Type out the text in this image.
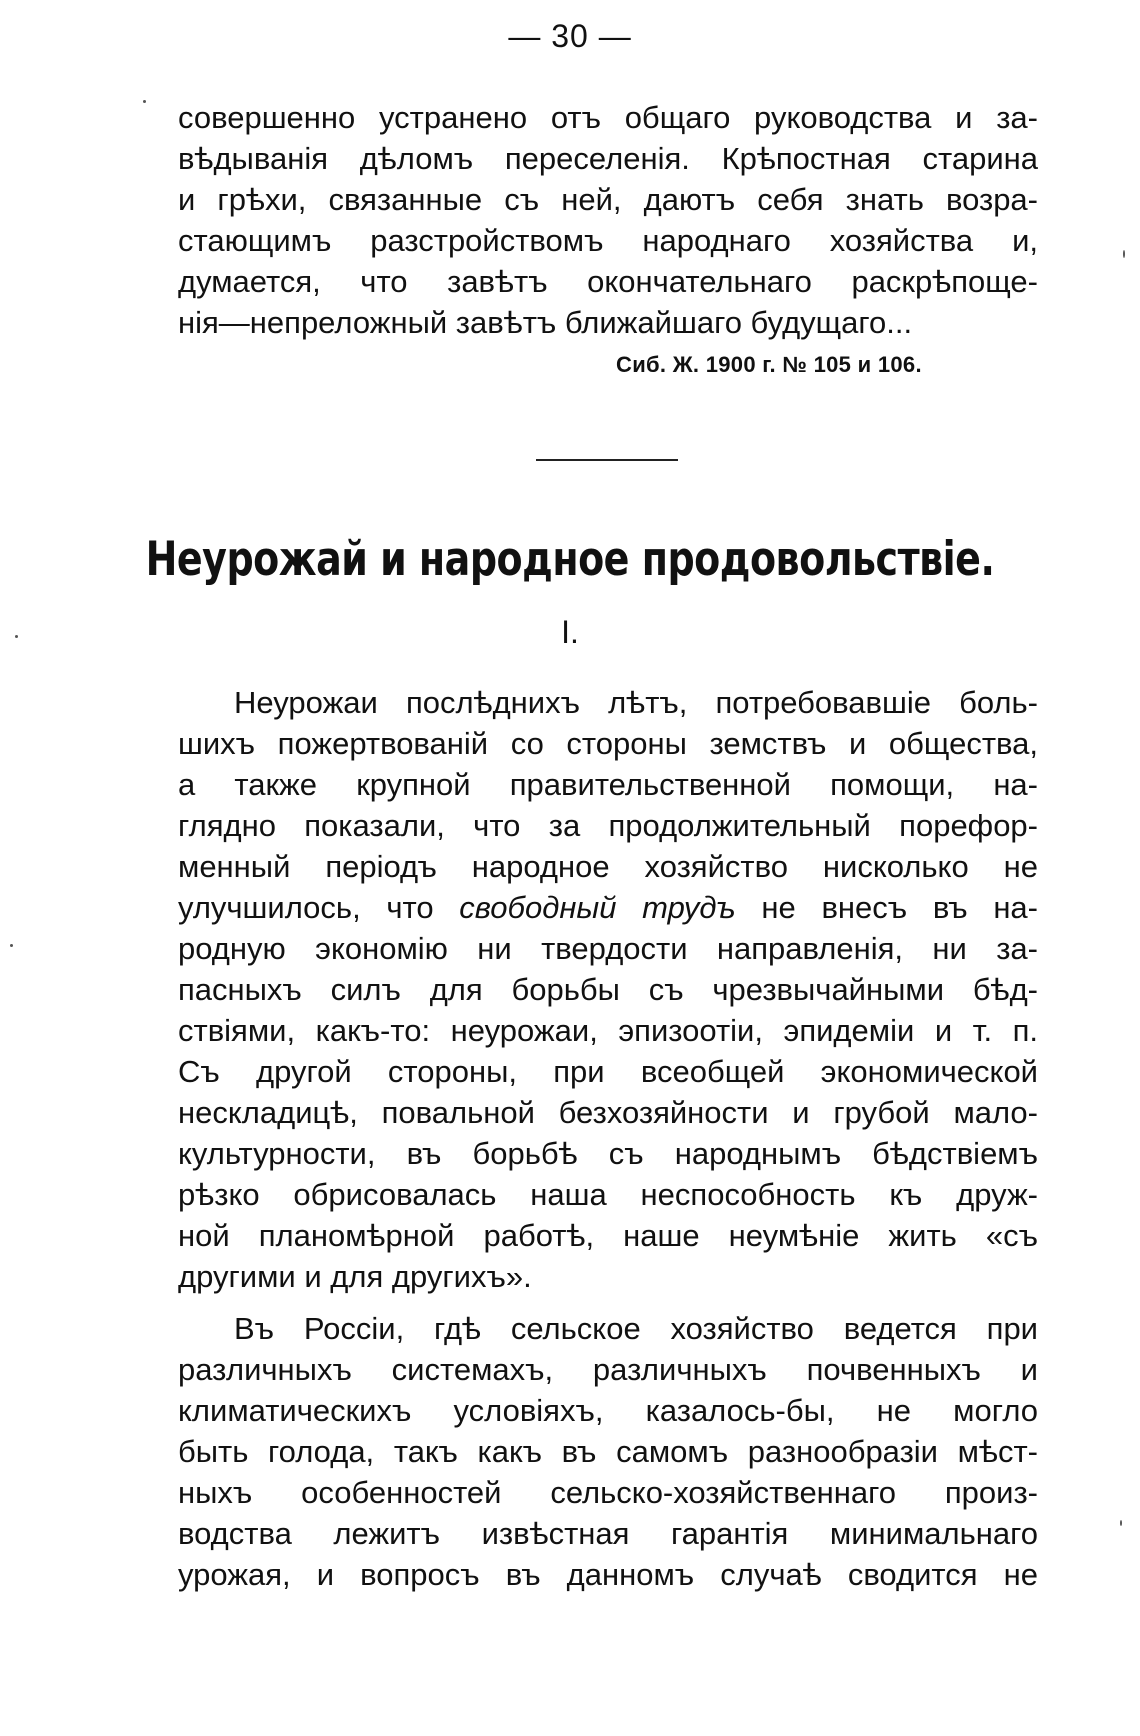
— 30 —
совершенно устранено отъ общаго руководства и за-
вѣдыванія дѣломъ переселенія. Крѣпостная старина
и грѣхи, связанные съ ней, даютъ себя знать возра-
стающимъ разстройствомъ народнаго хозяйства и,
думается, что завѣтъ окончательнаго раскрѣпоще-
нія—непреложный завѣтъ ближайшаго будущаго...
Сиб. Ж. 1900 г. № 105 и 106.
Неурожай и народное продовольствіе.
I.
Неурожаи послѣднихъ лѣтъ, потребовавшіе боль-
шихъ пожертвованій со стороны земствъ и общества,
а также крупной правительственной помощи, на-
глядно показали, что за продолжительный порефор-
менный періодъ народное хозяйство нисколько не
улучшилось, что свободный трудъ не внесъ въ на-
родную экономію ни твердости направленія, ни за-
пасныхъ силъ для борьбы съ чрезвычайными бѣд-
ствіями, какъ-то: неурожаи, эпизоотіи, эпидеміи и т. п.
Съ другой стороны, при всеобщей экономической
нескладицѣ, повальной безхозяйности и грубой мало-
культурности, въ борьбѣ съ народнымъ бѣдствіемъ
рѣзко обрисовалась наша неспособность къ друж-
ной планомѣрной работѣ, наше неумѣніе жить «съ
другими и для другихъ».
Въ Россіи, гдѣ сельское хозяйство ведется при
различныхъ системахъ, различныхъ почвенныхъ и
климатическихъ условіяхъ, казалось-бы, не могло
быть голода, такъ какъ въ самомъ разнообразіи мѣст-
ныхъ особенностей сельско-хозяйственнаго произ-
водства лежитъ извѣстная гарантія минимальнаго
урожая, и вопросъ въ данномъ случаѣ сводится не
